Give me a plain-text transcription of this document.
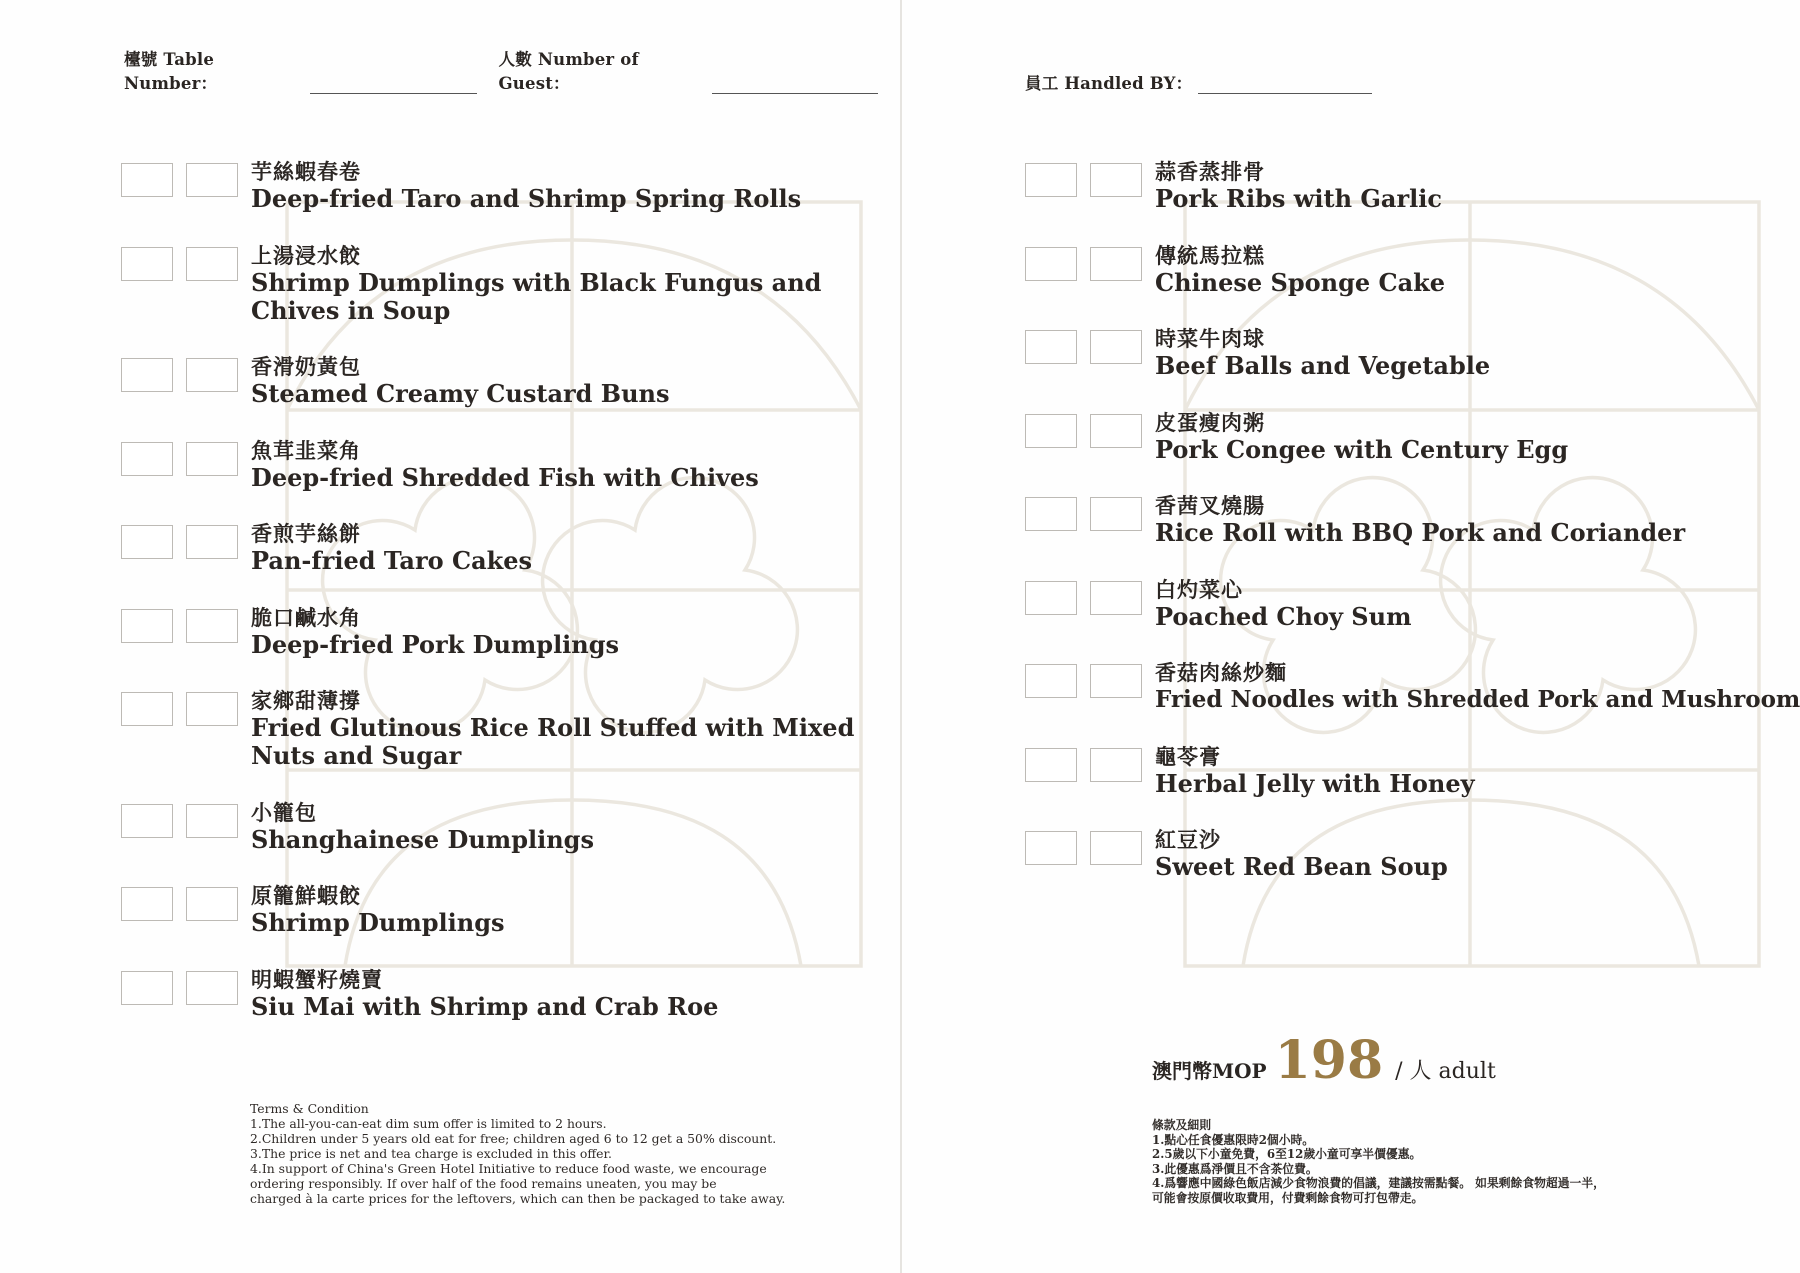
檯號 Table Number：
人數 Number of Guest：
芋絲蝦春卷
Deep-fried Taro and Shrimp Spring Rolls
上湯浸水餃
Shrimp Dumplings with Black Fungus and Chives in Soup
香滑奶黃包
Steamed Creamy Custard Buns
魚茸韭菜角
Deep-fried Shredded Fish with Chives
香煎芋絲餅
Pan-fried Taro Cakes
脆口鹹水角
Deep-fried Pork Dumplings
家鄉甜薄撐
Fried Glutinous Rice Roll Stuffed with Mixed Nuts and Sugar
小籠包
Shanghainese Dumplings
原籠鮮蝦餃
Shrimp Dumplings
明蝦蟹籽燒賣
Siu Mai with Shrimp and Crab Roe
Terms & Condition
1.The all-you-can-eat dim sum offer is limited to 2 hours.
2.Children under 5 years old eat for free; children aged 6 to 12 get a 50% discount.
3.The price is net and tea charge is excluded in this offer.
4.In support of China's Green Hotel Initiative to reduce food waste, we encourage
ordering responsibly. If over half of the food remains uneaten, you may be
charged à la carte prices for the leftovers, which can then be packaged to take away.
員工 Handled BY：
蒜香蒸排骨
Pork Ribs with Garlic
傳統馬拉糕
Chinese Sponge Cake
時菜牛肉球
Beef Balls and Vegetable
皮蛋瘦肉粥
Pork Congee with Century Egg
香茜叉燒腸
Rice Roll with BBQ Pork and Coriander
白灼菜心
Poached Choy Sum
香菇肉絲炒麵
Fried Noodles with Shredded Pork and Mushroom
龜苓膏
Herbal Jelly with Honey
紅豆沙
Sweet Red Bean Soup
澳門幣MOP 198 / 人 adult
條款及細則
1.點心任食優惠限時2個小時。
2.5歲以下小童免費，6至12歲小童可享半價優惠。
3.此優惠爲淨價且不含茶位費。
4.爲響應中國綠色飯店減少食物浪費的倡議，建議按需點餐。 如果剩餘食物超過一半，
可能會按原價收取費用，付費剩餘食物可打包帶走。
